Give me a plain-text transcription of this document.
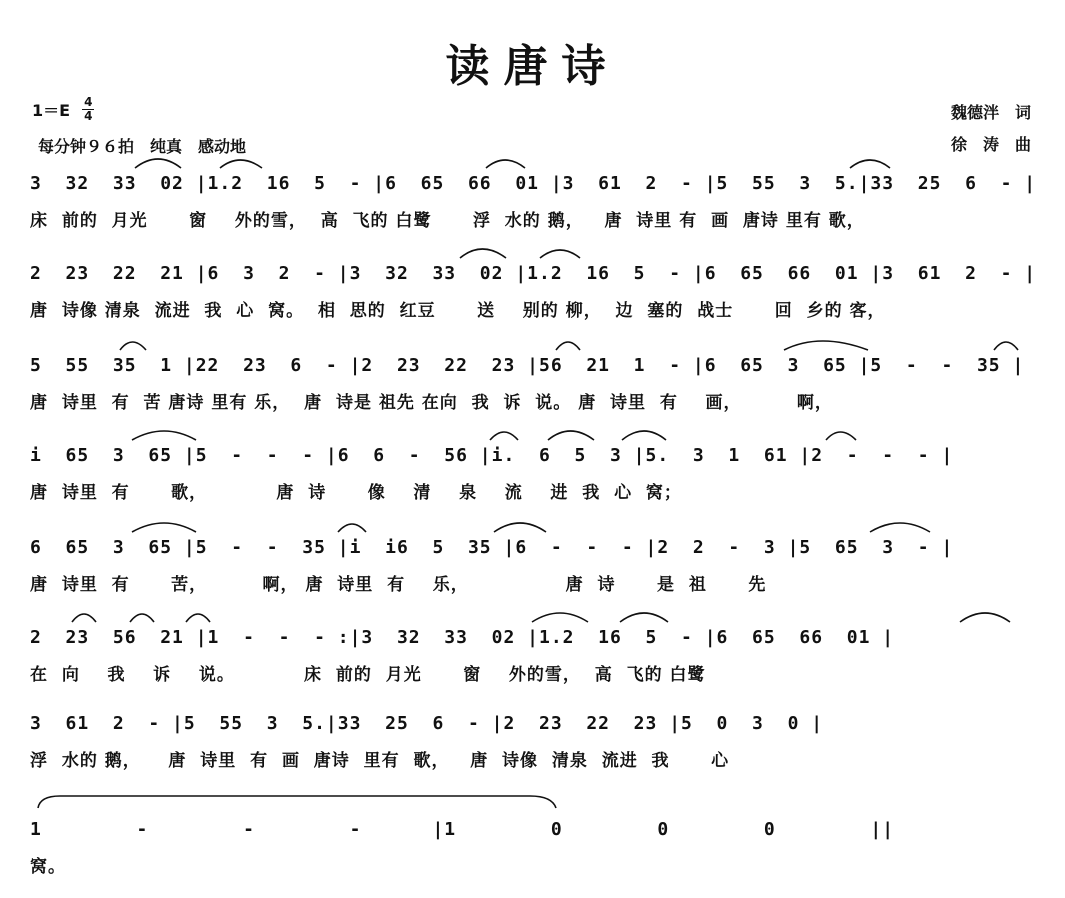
读唐诗
$1=E \frac{4}{4}$
每分钟９６拍　纯真　感动地
魏德泮　词
徐　涛　曲
3  32  33  02 |1.2  16  5  - |6  65  66  01 |3  61  2  - |5  55  3  5.|33  25  6  - |
床  前的  月光      窗    外的雪，  高  飞的 白鹭      浮  水的 鹅，   唐  诗里 有  画  唐诗 里有 歌，
2  23  22  21 |6  3  2  - |3  32  33  02 |1.2  16  5  - |6  65  66  01 |3  61  2  - |
唐  诗像 清泉  流进  我  心  窝。  相  思的  红豆      送    别的 柳，  边  塞的  战士      回  乡的 客，
5  55  35  1 |22  23  6  - |2  23  22  23 |56  21  1  - |6  65  3  65 |5  -  -  35 |
唐  诗里  有  苦 唐诗 里有 乐，  唐  诗是 祖先 在向  我  诉  说。 唐  诗里  有    画，        啊，
i  65  3  65 |5  -  -  - |6  6  -  56 |i.  6  5  3 |5.  3  1  61 |2  -  -  - |
唐  诗里  有      歌，          唐  诗      像    清    泉    流    进  我  心  窝；
6  65  3  65 |5  -  -  35 |i  i6  5  35 |6  -  -  - |2  2  -  3 |5  65  3  - |
唐  诗里  有      苦，        啊， 唐  诗里  有    乐，              唐  诗      是  祖      先
2  23  56  21 |1  -  -  - :|3  32  33  02 |1.2  16  5  - |6  65  66  01 |
在  向    我    诉    说。          床  前的  月光      窗    外的雪，  高  飞的 白鹭
3  61  2  - |5  55  3  5.|33  25  6  - |2  23  22  23 |5  0  3  0 |
浮  水的 鹅，    唐  诗里  有  画  唐诗  里有  歌，   唐  诗像  清泉  流进  我      心
1        -        -        -      |1        0        0        0        ||
窝。
